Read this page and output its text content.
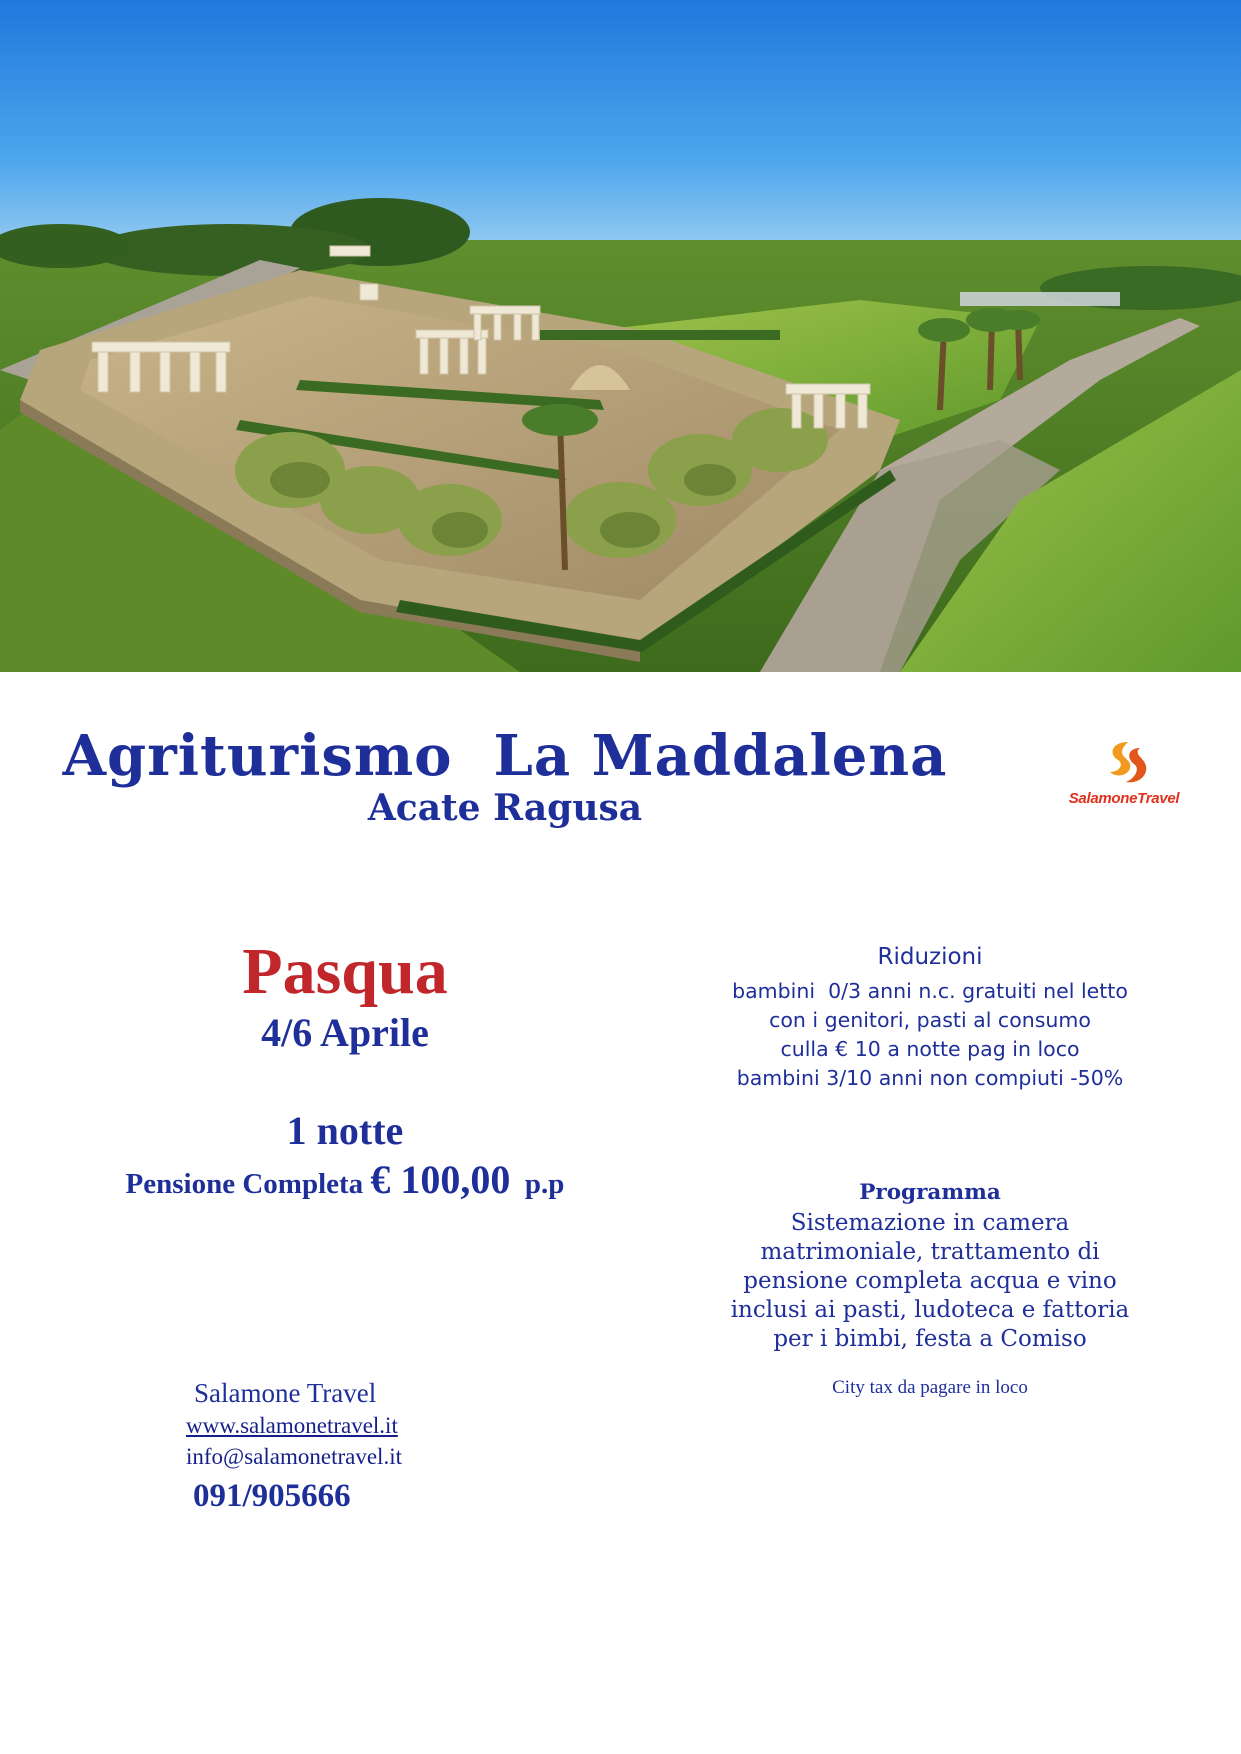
Agriturismo  La Maddalena
Acate Ragusa	SalamoneTravel
Pasqua
4/6 Aprile
1 notte
Pensione Completa € 100,00 p.p
Salamone Travel
www.salamonetravel.it
info@salamonetravel.it
091/905666
Riduzioni
bambini  0/3 anni n.c. gratuiti nel letto
con i genitori, pasti al consumo
culla € 10 a notte pag in loco
bambini 3/10 anni non compiuti -50%
Programma
Sistemazione in camera
matrimoniale, trattamento di
pensione completa acqua e vino
inclusi ai pasti, ludoteca e fattoria
per i bimbi, festa a Comiso
City tax da pagare in loco
